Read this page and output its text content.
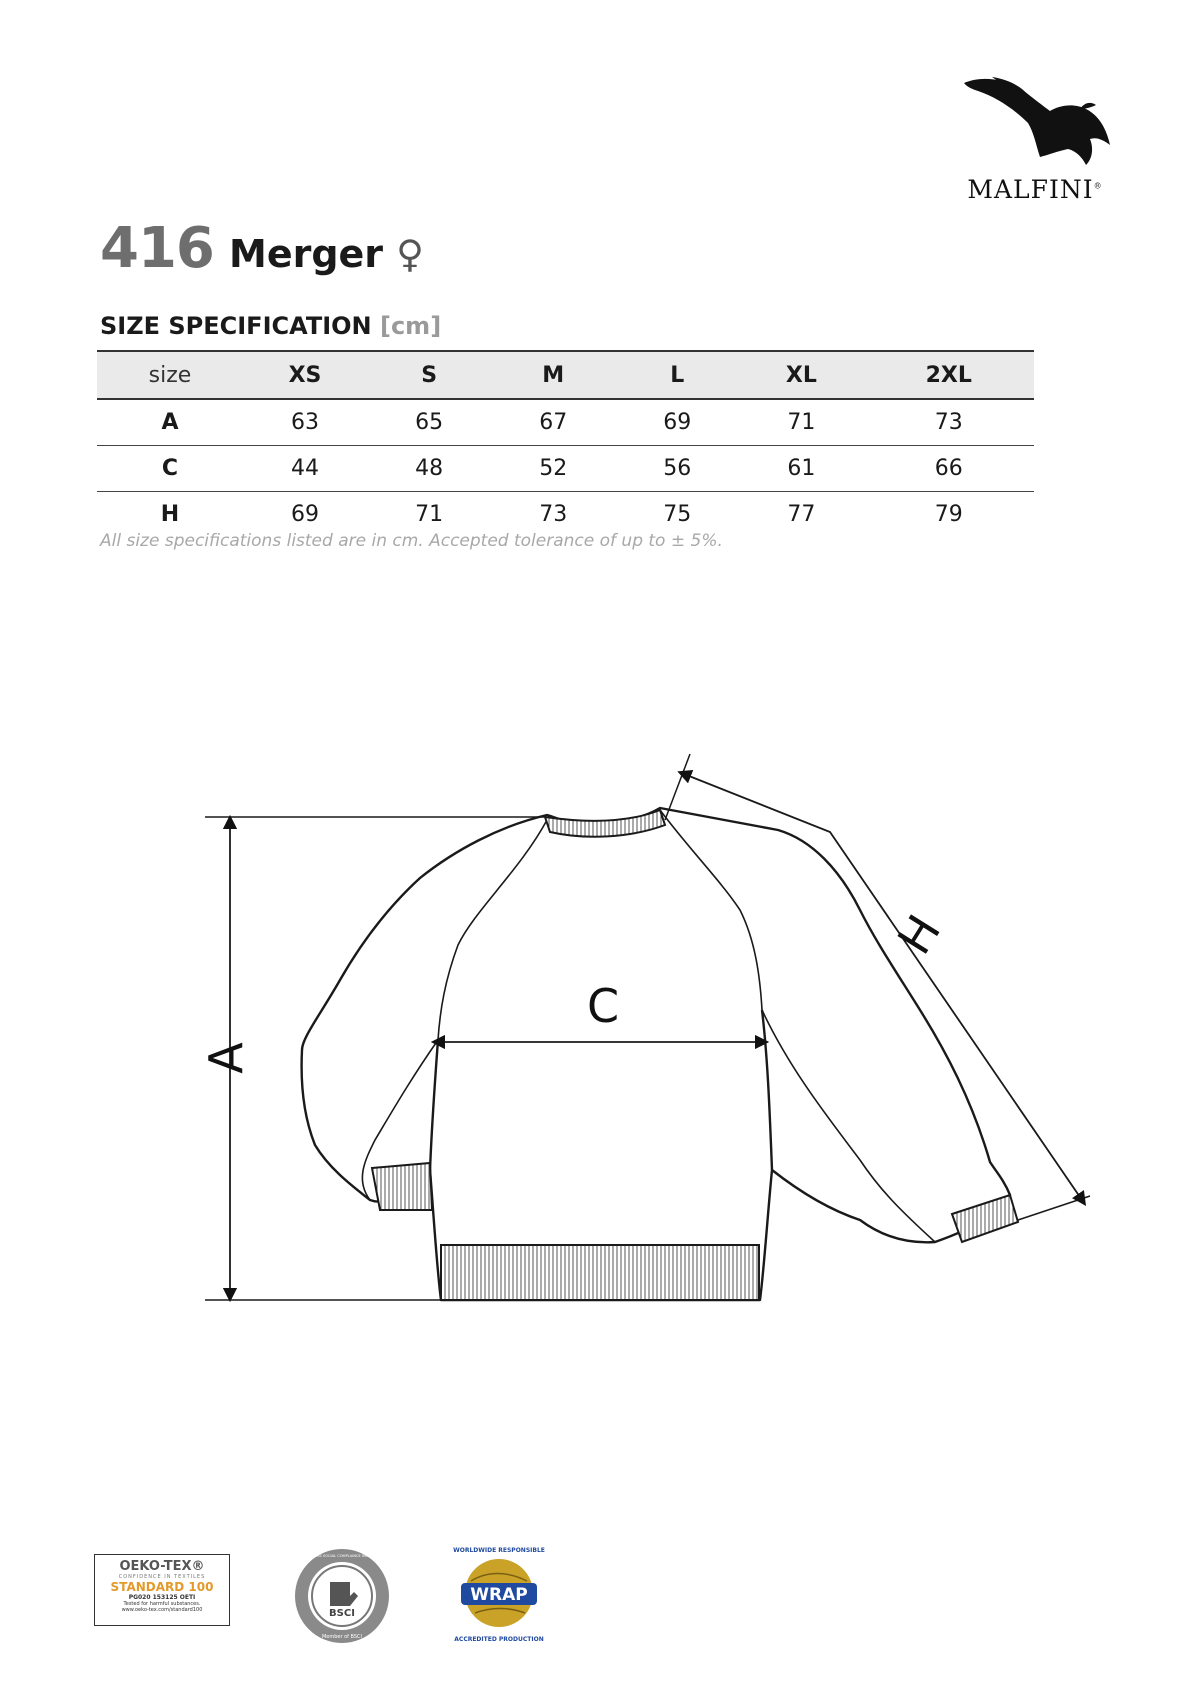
MALFINI®
416 Merger ♀
SIZE SPECIFICATION [cm]
size	XS	S	M	L	XL	2XL
A	63	65	67	69	71	73
C	44	48	52	56	61	66
H	69	71	73	75	77	79
All size specifications listed are in cm. Accepted tolerance of up to ± 5%.
A
C
H
OEKO-TEX®
CONFIDENCE IN TEXTILES
STANDARD 100
PG020 153125 OETI
Tested for harmful substances.
www.oeko-tex.com/standard100	BSCI
Member of BSCI
BUSINESS SOCIAL COMPLIANCE INITIATIVE
WRAP
WORLDWIDE RESPONSIBLE
ACCREDITED PRODUCTION
